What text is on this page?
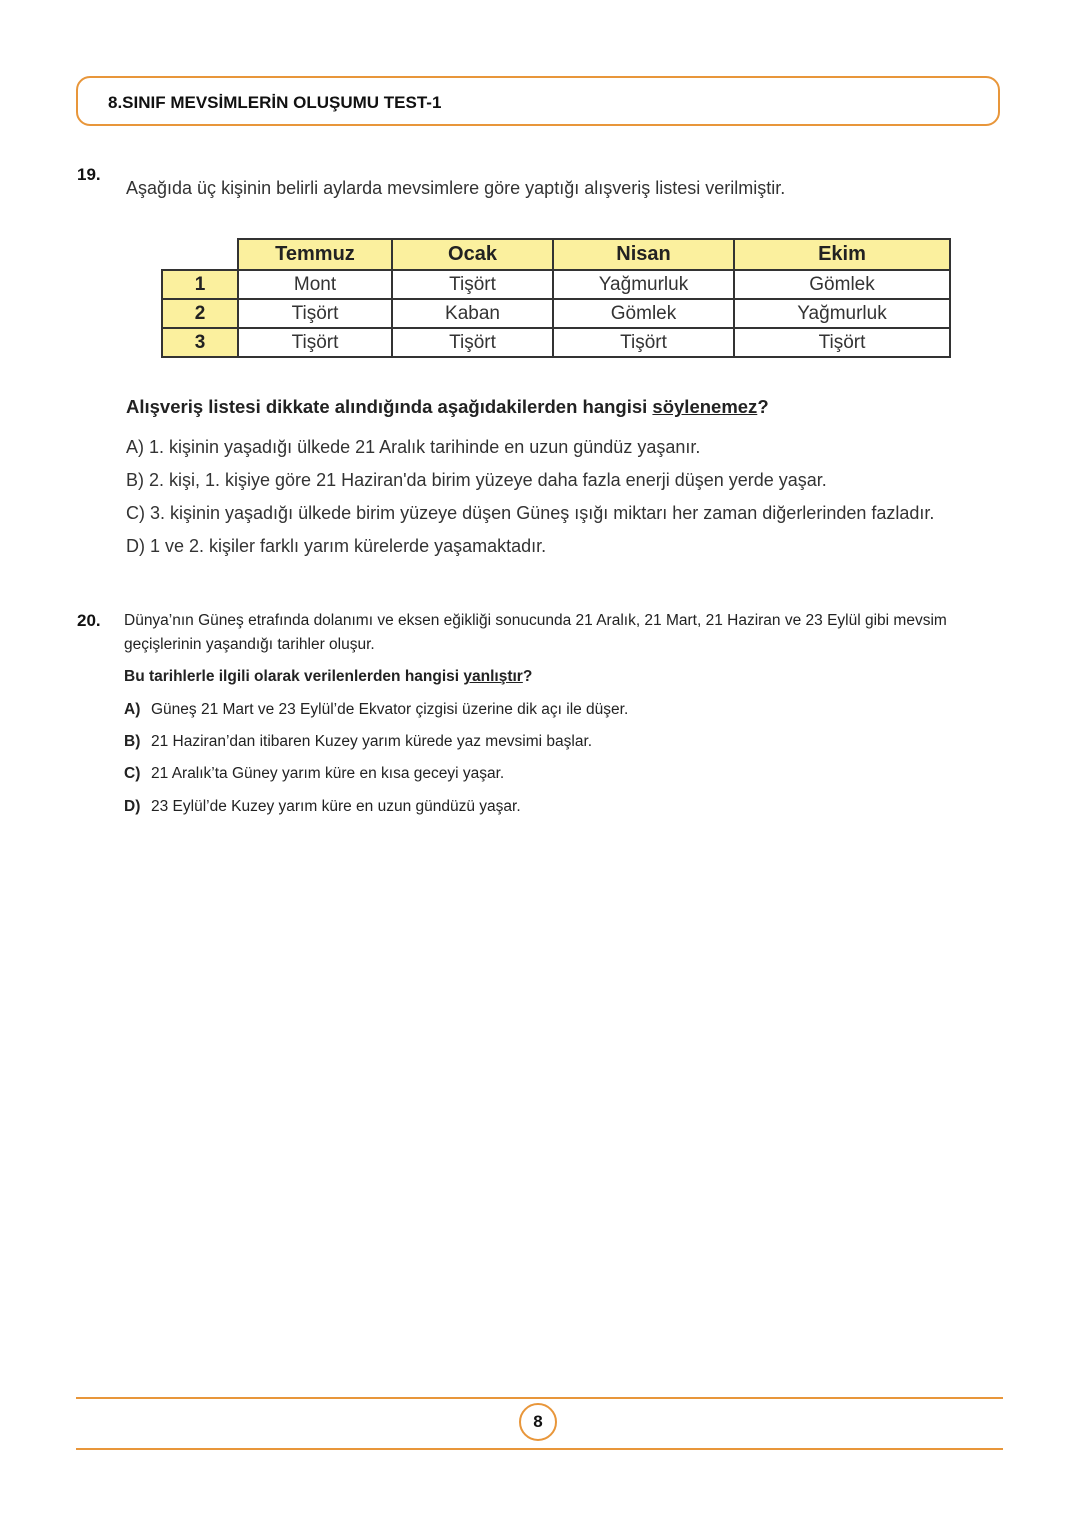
8.SINIF MEVSİMLERİN OLUŞUMU TEST-1
19.
Aşağıda üç kişinin belirli aylarda mevsimlere göre yaptığı alışveriş listesi verilmiştir.
	Temmuz	Ocak	Nisan	Ekim
1	Mont	Tişört	Yağmurluk	Gömlek
2	Tişört	Kaban	Gömlek	Yağmurluk
3	Tişört	Tişört	Tişört	Tişört
Alışveriş listesi dikkate alındığında aşağıdakilerden hangisi söylenemez?
A) 1. kişinin yaşadığı ülkede 21 Aralık tarihinde en uzun gündüz yaşanır.
B) 2. kişi, 1. kişiye göre 21 Haziran'da birim yüzeye daha fazla enerji düşen yerde yaşar.
C) 3. kişinin yaşadığı ülkede birim yüzeye düşen Güneş ışığı miktarı her zaman diğerlerinden fazladır.
D) 1 ve 2. kişiler farklı yarım kürelerde yaşamaktadır.
20. Dünya’nın Güneş etrafında dolanımı ve eksen eğikliği sonucunda 21 Aralık, 21 Mart, 21 Haziran ve 23 Eylül gibi mevsim
geçişlerinin yaşandığı tarihler oluşur.
Bu tarihlerle ilgili olarak verilenlerden hangisi yanlıştır?
A) Güneş 21 Mart ve 23 Eylül’de Ekvator çizgisi üzerine dik açı ile düşer.
B) 21 Haziran’dan itibaren Kuzey yarım kürede yaz mevsimi başlar.
C) 21 Aralık’ta Güney yarım küre en kısa geceyi yaşar.
D) 23 Eylül’de Kuzey yarım küre en uzun gündüzü yaşar.
8
